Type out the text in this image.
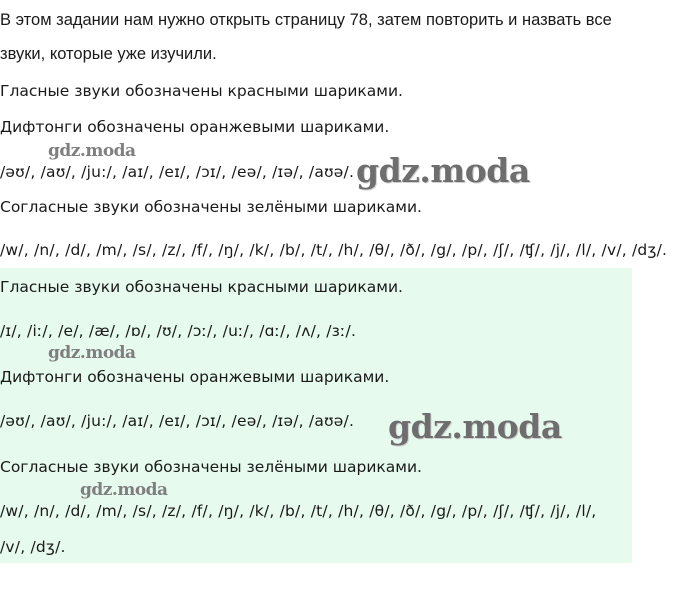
В этом задании нам нужно открыть страницу 78, затем повторить и назвать все
звуки, которые уже изучили.
Гласные звуки обозначены красными шариками.
Дифтонги обозначены оранжевыми шариками.
/əʊ/, /aʊ/, /ju:/, /aɪ/, /eɪ/, /ɔɪ/, /eə/, /ɪə/, /aʊə/.
Согласные звуки обозначены зелёными шариками.
/w/, /n/, /d/, /m/, /s/, /z/, /f/, /ŋ/, /k/, /b/, /t/, /h/, /θ/, /ð/, /g/, /p/, /ʃ/, /ʧ/, /j/, /l/, /v/, /dʒ/.
Гласные звуки обозначены красными шариками.
/ɪ/, /iː/, /e/, /æ/, /ɒ/, /ʊ/, /ɔː/, /uː/, /ɑː/, /ʌ/, /ɜː/.
Дифтонги обозначены оранжевыми шариками.
/əʊ/, /aʊ/, /ju:/, /aɪ/, /eɪ/, /ɔɪ/, /eə/, /ɪə/, /aʊə/.
Согласные звуки обозначены зелёными шариками.
/w/, /n/, /d/, /m/, /s/, /z/, /f/, /ŋ/, /k/, /b/, /t/, /h/, /θ/, /ð/, /g/, /p/, /ʃ/, /ʧ/, /j/, /l/,
/v/, /dʒ/.
gdz.moda	gdz.moda
gdz.moda
gdz.moda
gdz.moda
